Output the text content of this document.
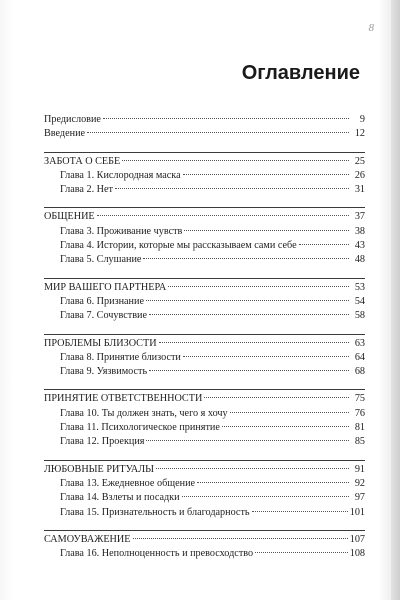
8
Оглавление
Предисловие	9
Введение	12
ЗАБОТА О СЕБЕ	25
Глава 1. Кислородная маска	26
Глава 2. Нет	31
ОБЩЕНИЕ	37
Глава 3. Проживание чувств	38
Глава 4. Истории, которые мы рассказываем сами себе	43
Глава 5. Слушание	48
МИР ВАШЕГО ПАРТНЕРА	53
Глава 6. Признание	54
Глава 7. Сочувствие	58
ПРОБЛЕМЫ БЛИЗОСТИ	63
Глава 8. Принятие близости	64
Глава 9. Уязвимость	68
ПРИНЯТИЕ ОТВЕТСТВЕННОСТИ	75
Глава 10. Ты должен знать, чего я хочу	76
Глава 11. Психологическое принятие	81
Глава 12. Проекция	85
ЛЮБОВНЫЕ РИТУАЛЫ	91
Глава 13. Ежедневное общение	92
Глава 14. Взлеты и посадки	97
Глава 15. Признательность и благодарность	101
САМОУВАЖЕНИЕ	107
Глава 16. Неполноценность и превосходство	108
